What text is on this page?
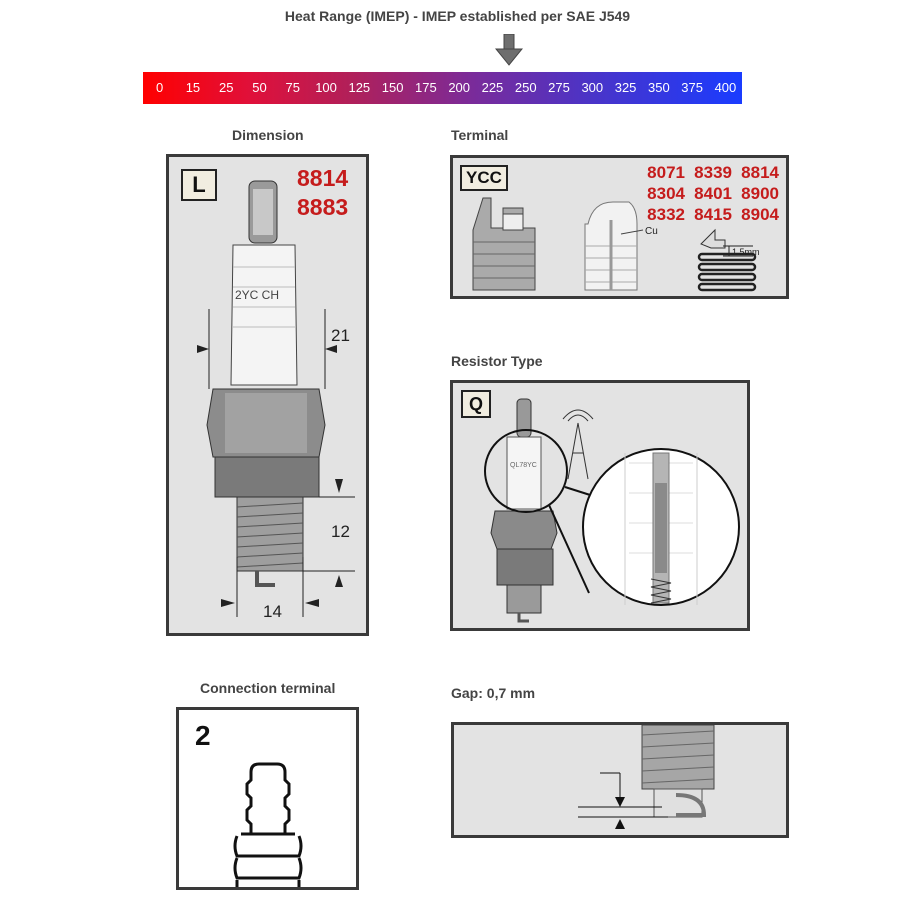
Heat Range (IMEP) - IMEP established per SAE J549
0	15	25	50	75	100 125 150 175 200 225 250 275 300 325 350 375 400
Dimension	Terminal
Resistor Type
Connection terminal	Gap: 0,7 mm
L	8814
8883
2YC CH
21
12
14
YCC	8071 8339 8814
8304 8401 8900
8332 8415 8904
Cu
1.5mm
Q
QL78YC
2
